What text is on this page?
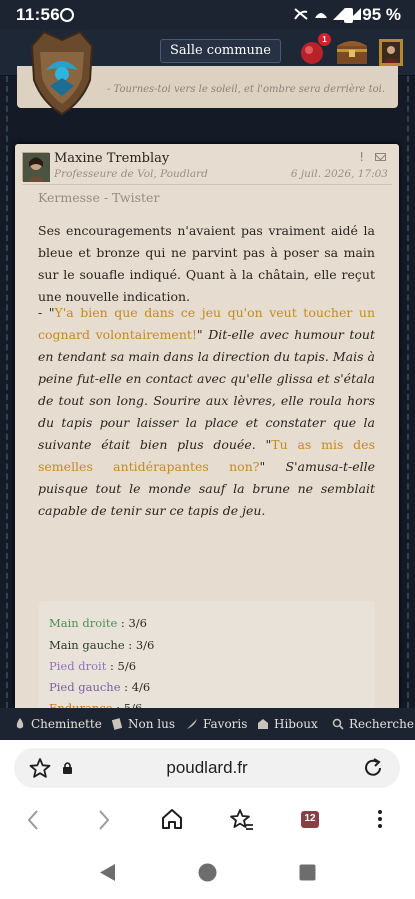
11:56	95 %
Salle commune
1
- Tournes-toi vers le soleil, et l'ombre sera derrière toi.
Maxine Tremblay
Professeure de Vol, Poudlard
!
6 juil. 2026, 17:03
Kermesse - Twister

Ses encouragements n'avaient pas vraiment aidé la bleue et bronze qui ne parvint pas à poser sa main sur le souafle indiqué. Quant à la châtain, elle reçut une nouvelle indication.

- "Y'a bien que dans ce jeu qu'on veut toucher un cognard volontairement!" Dit-elle avec humour tout en tendant sa main dans la direction du tapis. Mais à peine fut-elle en contact avec qu'elle glissa et s'étala de tout son long. Sourire aux lèvres, elle roula hors du tapis pour laisser la place et constater que la suivante était bien plus douée. "Tu as mis des semelles antidérapantes non?" S'amusa-t-elle puisque tout le monde sauf la brune ne semblait capable de tenir sur ce tapis de jeu.

Main droite : 3/6
Main gauche : 3/6
Pied droit : 5/6
Pied gauche : 4/6
Cheminette Non lus Favoris Hiboux	Recherche
poudlard.fr
12
